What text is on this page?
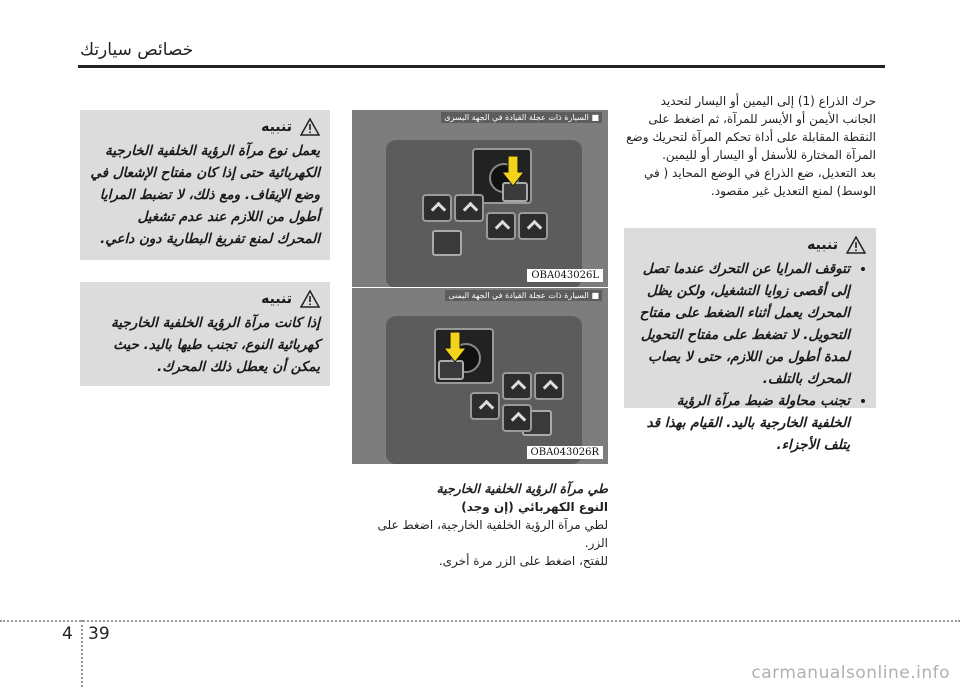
خصائص سيارتك
تنبيه
يعمل نوع مرآة الرؤية الخلفية الخارجية الكهربائية حتى إذا كان مفتاح الإشعال في وضع الإيقاف. ومع ذلك، لا تضبط المرايا أطول من اللازم عند عدم تشغيل المحرك لمنع تفريغ البطارية دون داعي.
تنبيه
إذا كانت مرآة الرؤية الخلفية الخارجية كهربائية النوع، تجنب طيها باليد. حيث يمكن أن يعطل ذلك المحرك.
■ السيارة ذات عجلة القيادة في الجهة اليسرى
OBA043026L
■ السيارة ذات عجلة القيادة في الجهة اليمنى
OBA043026R
طي مرآة الرؤية الخلفية الخارجية
النوع الكهربائي (إن وجد)
لطي مرآة الرؤية الخلفية الخارجية، اضغط على الزر.
للفتح، اضغط على الزر مرة أخرى.
حرك الذراع (1) إلى اليمين أو اليسار لتحديد الجانب الأيمن أو الأيسر للمرآة، ثم اضغط على النقطة المقابلة على أداة تحكم المرآة لتحريك وضع المرآة المختارة للأسفل أو اليسار أو لليمين.
بعد التعديل، ضع الذراع في الوضع المحايد ( في الوسط) لمنع التعديل غير مقصود.
تنبيه
• تتوقف المرايا عن التحرك عندما تصل إلى أقصى زوايا التشغيل، ولكن يظل المحرك يعمل أثناء الضغط على مفتاح التحويل. لا تضغط على مفتاح التحويل لمدة أطول من اللازم، حتى لا يصاب المحرك بالتلف.
• تجنب محاولة ضبط مرآة الرؤية الخلفية الخارجية باليد. القيام بهذا قد يتلف الأجزاء.
4 39
carmanualsonline.info
